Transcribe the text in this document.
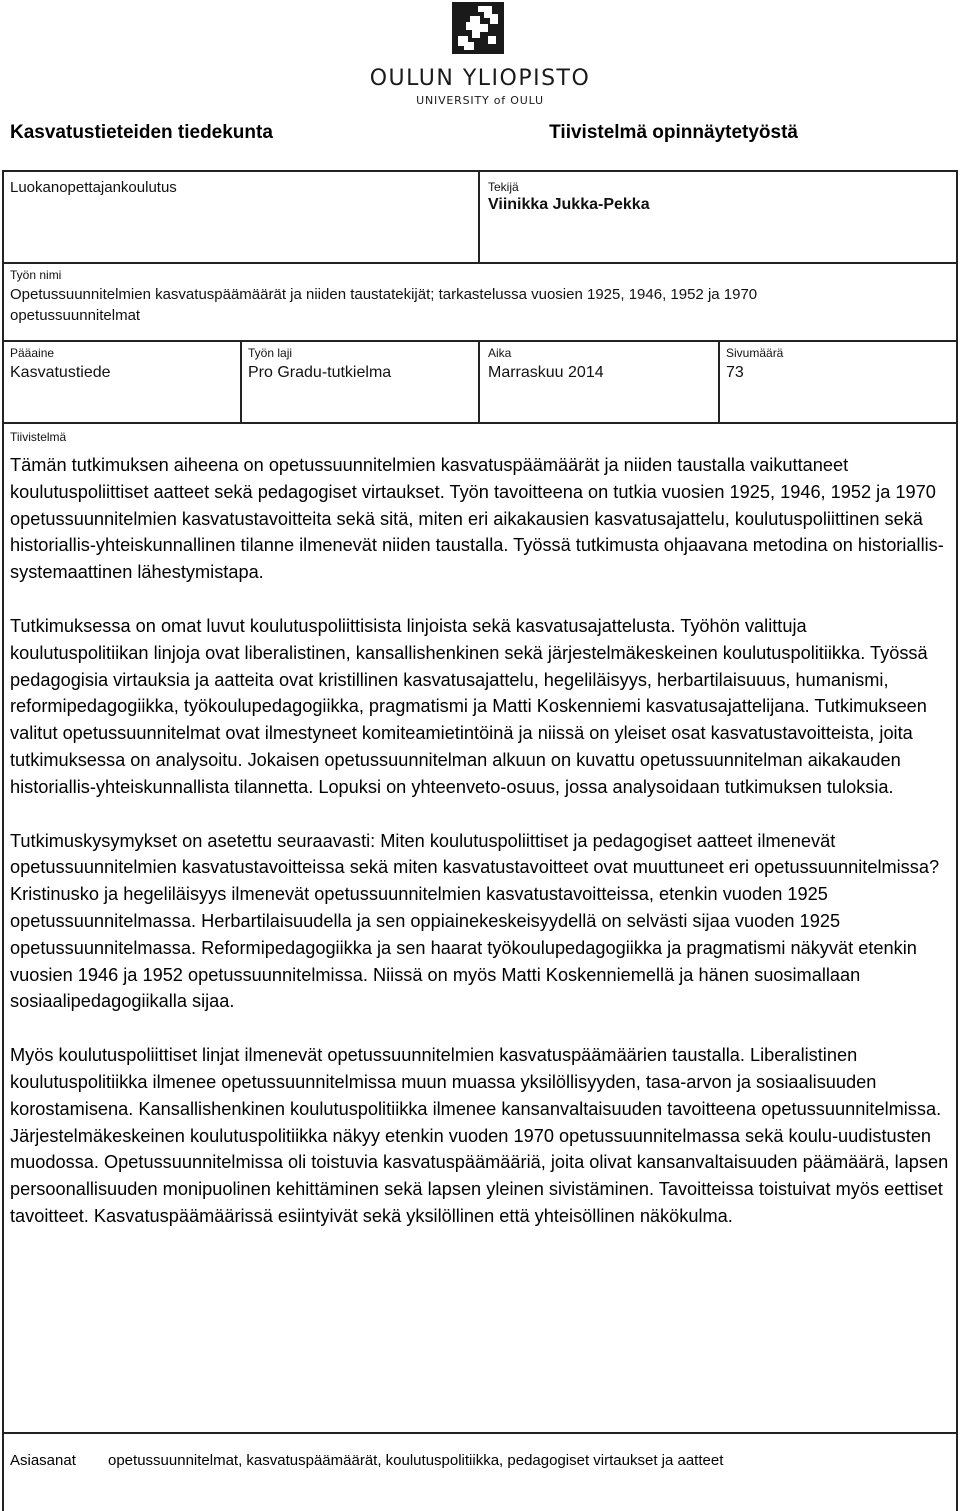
OULUN YLIOPISTO
UNIVERSITY of OULU
Kasvatustieteiden tiedekunta	Tiivistelmä opinnäytetyöstä
Luokanopettajankoulutus	Tekijä
Viinikka Jukka-Pekka
Työn nimi
Opetussuunnitelmien kasvatuspäämäärät ja niiden taustatekijät; tarkastelussa vuosien 1925, 1946, 1952 ja 1970
opetussuunnitelmat
Pääaine
Kasvatustiede
Työn laji
Pro Gradu-tutkielma
Aika
Marraskuu 2014
Sivumäärä
73
Tiivistelmä

Tämän tutkimuksen aiheena on opetussuunnitelmien kasvatuspäämäärät ja niiden taustalla vaikuttaneet koulutuspoliittiset aatteet sekä pedagogiset virtaukset. Työn tavoitteena on tutkia vuosien 1925, 1946, 1952 ja 1970 opetussuunnitelmien kasvatustavoitteita sekä sitä, miten eri aikakausien kasvatusajattelu, koulutuspoliittinen sekä historiallis-yhteiskunnallinen tilanne ilmenevät niiden taustalla. Työssä tutkimusta ohjaavana metodina on historiallis-systemaattinen lähestymistapa.

Tutkimuksessa on omat luvut koulutuspoliittisista linjoista sekä kasvatusajattelusta. Työhön valittuja koulutuspolitiikan linjoja ovat liberalistinen, kansallishenkinen sekä järjestelmäkeskeinen koulutuspolitiikka. Työssä pedagogisia virtauksia ja aatteita ovat kristillinen kasvatusajattelu, hegeliläisyys, herbartilaisuuus, humanismi, reformipedagogiikka, työkoulupedagogiikka, pragmatismi ja Matti Koskenniemi kasvatusajattelijana. Tutkimukseen valitut opetussuunnitelmat ovat ilmestyneet komiteamietintöinä ja niissä on yleiset osat kasvatustavoitteista, joita tutkimuksessa on analysoitu. Jokaisen opetussuunnitelman alkuun on kuvattu opetussuunnitelman aikakauden historiallis-yhteiskunnallista tilannetta. Lopuksi on yhteenveto-osuus, jossa analysoidaan tutkimuksen tuloksia.

Tutkimuskysymykset on asetettu seuraavasti: Miten koulutuspoliittiset ja pedagogiset aatteet ilmenevät opetussuunnitelmien kasvatustavoitteissa sekä miten kasvatustavoitteet ovat muuttuneet eri opetussuunnitelmissa? Kristinusko ja hegeliläisyys ilmenevät opetussuunnitelmien kasvatustavoitteissa, etenkin vuoden 1925 opetussuunnitelmassa. Herbartilaisuudella ja sen oppiainekeskeisyydellä on selvästi sijaa vuoden 1925 opetussuunnitelmassa. Reformipedagogiikka ja sen haarat työkoulupedagogiikka ja pragmatismi näkyvät etenkin vuosien 1946 ja 1952 opetussuunnitelmissa. Niissä on myös Matti Koskenniemellä ja hänen suosimallaan sosiaalipedagogiikalla sijaa.

Myös koulutuspoliittiset linjat ilmenevät opetussuunnitelmien kasvatuspäämäärien taustalla. Liberalistinen koulutuspolitiikka ilmenee opetussuunnitelmissa muun muassa yksilöllisyyden, tasa-arvon ja sosiaalisuuden korostamisena. Kansallishenkinen koulutuspolitiikka ilmenee kansanvaltaisuuden tavoitteena opetussuunnitelmissa. Järjestelmäkeskeinen koulutuspolitiikka näkyy etenkin vuoden 1970 opetussuunnitelmassa sekä koulu-uudistusten muodossa. Opetussuunnitelmissa oli toistuvia kasvatuspäämääriä, joita olivat kansanvaltaisuuden päämäärä, lapsen persoonallisuuden monipuolinen kehittäminen sekä lapsen yleinen sivistäminen. Tavoitteissa toistuivat myös eettiset tavoitteet. Kasvatuspäämäärissä esiintyivät sekä yksilöllinen että yhteisöllinen näkökulma.

Asiasanat opetussuunnitelmat, kasvatuspäämäärät, koulutuspolitiikka, pedagogiset virtaukset ja aatteet
